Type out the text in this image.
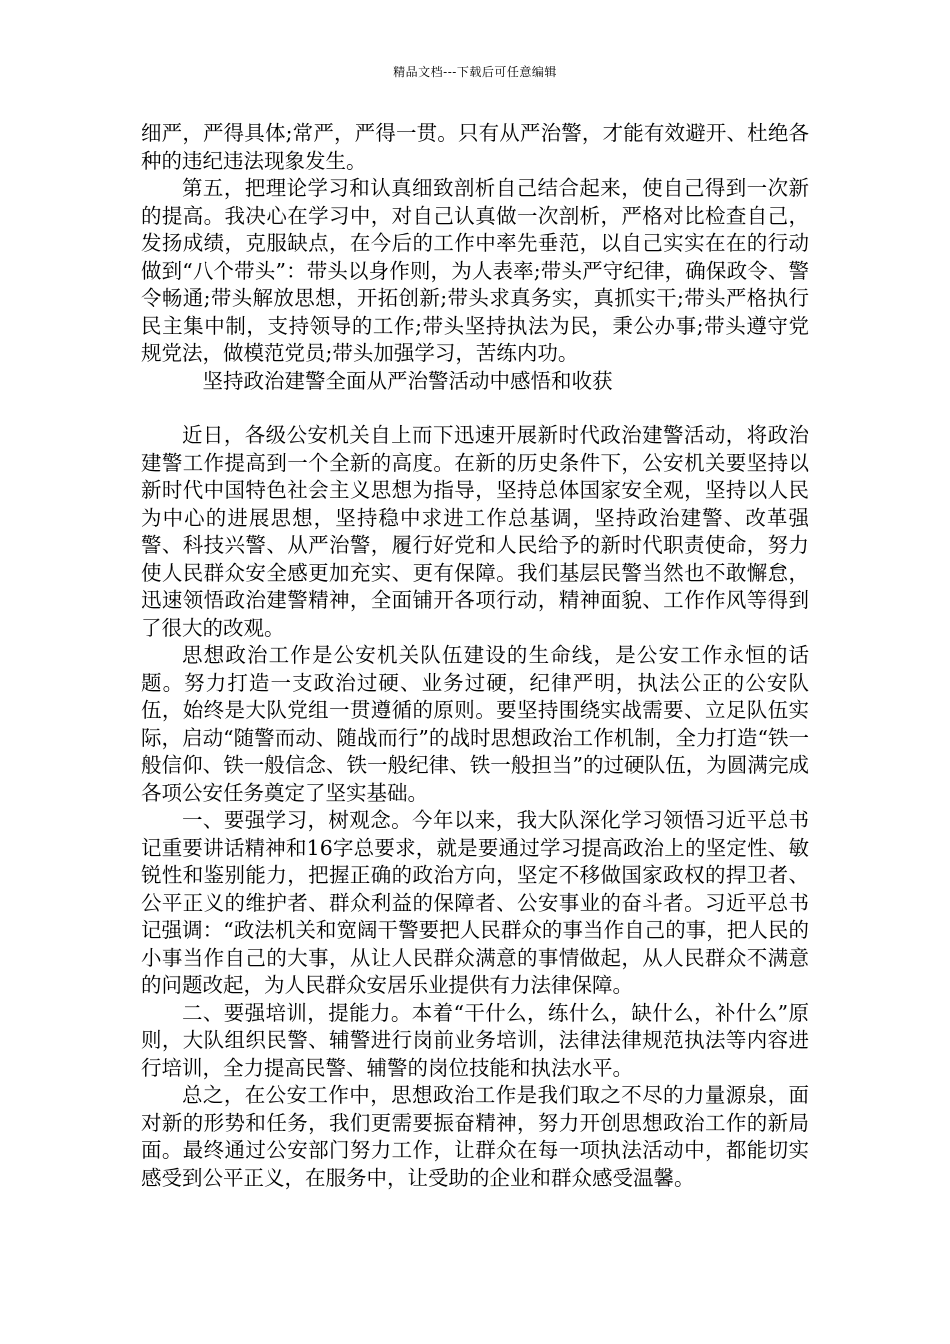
精品文档---下载后可任意编辑

细严，严得具体;常严，严得一贯。只有从严治警，才能有效避开、杜绝各种的违纪违法现象发生。

第五，把理论学习和认真细致剖析自己结合起来，使自己得到一次新的提高。我决心在学习中，对自己认真做一次剖析，严格对比检查自己，发扬成绩，克服缺点，在今后的工作中率先垂范，以自己实实在在的行动做到“八个带头”：带头以身作则，为人表率;带头严守纪律，确保政令、警令畅通;带头解放思想，开拓创新;带头求真务实，真抓实干;带头严格执行民主集中制，支持领导的工作;带头坚持执法为民，秉公办事;带头遵守党规党法，做模范党员;带头加强学习，苦练内功。

坚持政治建警全面从严治警活动中感悟和收获

近日，各级公安机关自上而下迅速开展新时代政治建警活动，将政治建警工作提高到一个全新的高度。在新的历史条件下，公安机关要坚持以新时代中国特色社会主义思想为指导，坚持总体国家安全观，坚持以人民为中心的进展思想，坚持稳中求进工作总基调，坚持政治建警、改革强警、科技兴警、从严治警，履行好党和人民给予的新时代职责使命，努力使人民群众安全感更加充实、更有保障。我们基层民警当然也不敢懈怠，迅速领悟政治建警精神，全面铺开各项行动，精神面貌、工作作风等得到了很大的改观。

思想政治工作是公安机关队伍建设的生命线，是公安工作永恒的话题。努力打造一支政治过硬、业务过硬，纪律严明，执法公正的公安队伍，始终是大队党组一贯遵循的原则。要坚持围绕实战需要、立足队伍实际，启动“随警而动、随战而行”的战时思想政治工作机制，全力打造“铁一般信仰、铁一般信念、铁一般纪律、铁一般担当”的过硬队伍，为圆满完成各项公安任务奠定了坚实基础。

一、要强学习，树观念。今年以来，我大队深化学习领悟习近平总书记重要讲话精神和16字总要求，就是要通过学习提高政治上的坚定性、敏锐性和鉴别能力，把握正确的政治方向，坚定不移做国家政权的捍卫者、公平正义的维护者、群众利益的保障者、公安事业的奋斗者。习近平总书记强调：“政法机关和宽阔干警要把人民群众的事当作自己的事，把人民的小事当作自己的大事，从让人民群众满意的事情做起，从人民群众不满意的问题改起，为人民群众安居乐业提供有力法律保障。

二、要强培训，提能力。本着“干什么，练什么，缺什么，补什么”原则，大队组织民警、辅警进行岗前业务培训，法律法律规范执法等内容进行培训，全力提高民警、辅警的岗位技能和执法水平。

总之，在公安工作中，思想政治工作是我们取之不尽的力量源泉，面对新的形势和任务，我们更需要振奋精神，努力开创思想政治工作的新局面。最终通过公安部门努力工作，让群众在每一项执法活动中，都能切实感受到公平正义，在服务中，让受助的企业和群众感受温馨。
